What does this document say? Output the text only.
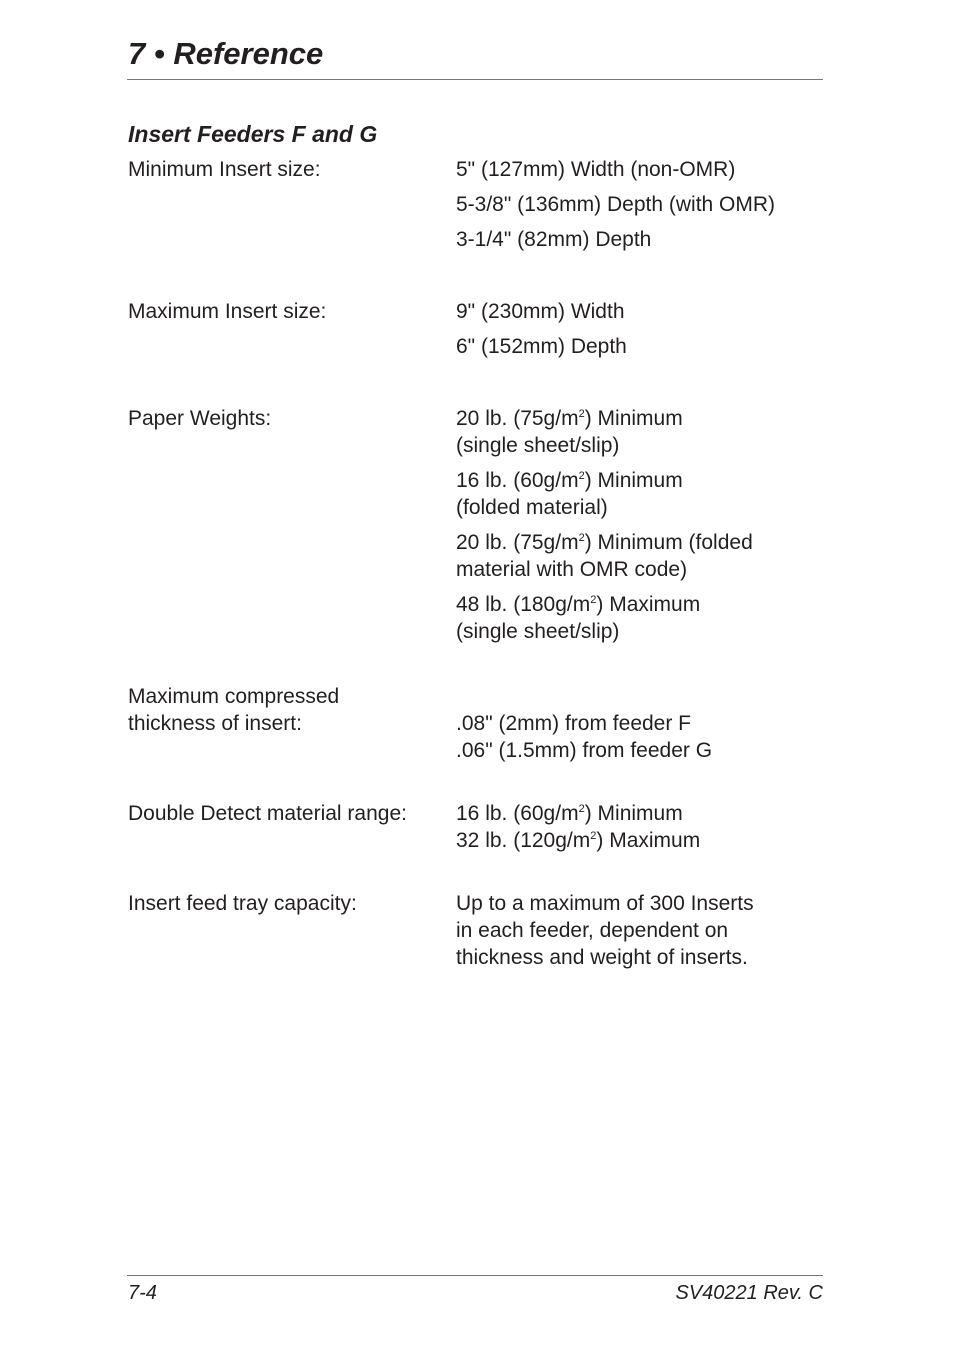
7 • Reference
Insert Feeders F and G
Minimum Insert size:	5" (127mm) Width (non-OMR)
5-3/8" (136mm) Depth (with OMR)
3-1/4" (82mm) Depth
Maximum Insert size:	9" (230mm) Width
6" (152mm) Depth
Paper Weights:	20 lb. $(75g/m^2)$ Minimum
(single sheet/slip)
16 lb. $(60g/m^2)$ Minimum
(folded material)
20 lb. $(75g/m^2)$ Minimum (folded
material with OMR code)
48 lb. $(180g/m^2)$ Maximum
(single sheet/slip)
Maximum compressed
thickness of insert:	.08" (2mm) from feeder F
.06" (1.5mm) from feeder G
Double Detect material range:	16 lb. $(60g/m^2)$ Minimum
32 lb. $(120g/m^2)$ Maximum
Insert feed tray capacity:	Up to a maximum of 300 Inserts
in each feeder, dependent on
thickness and weight of inserts.
7-4	SV40221 Rev. C
